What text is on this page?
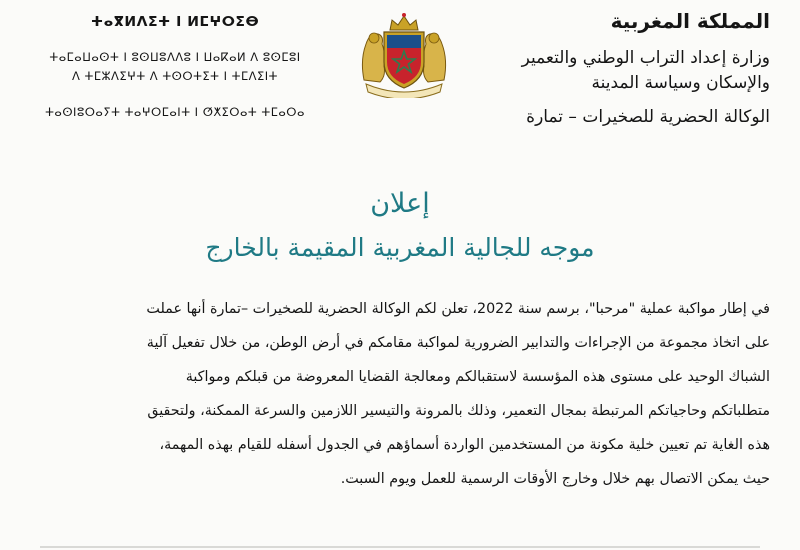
المملكة المغربية
وزارة إعداد التراب الوطني والتعمير
والإسكان وسياسة المدينة
الوكالة الحضرية للصخيرات – تمارة
ⵜⴰⴳⵍⴷⵉⵜ ⵏ ⵍⵎⵖⵔⵉⴱ
ⵜⴰⵎⴰⵡⴰⵙⵜ ⵏ ⵓⵙⵡⵓⴷⴷⵓ ⵏ ⵡⴰⴽⴰⵍ ⴷ ⵓⵙⵎⵓⵏ
ⴷ ⵜⵎⵣⴷⵉⵖⵜ ⴷ ⵜⵙⵔⵜⵉⵜ ⵏ ⵜⵎⴷⵉⵏⵜ
ⵜⴰⵙⵏⵓⵔⴰⵢⵜ ⵜⴰⵖⵔⵎⴰⵏⵜ ⵏ ⵚⵅⵉⵔⴰⵜ ⵜⵎⴰⵔⴰ
إعلان
موجه للجالية المغربية المقيمة بالخارج

في إطار مواكبة عملية "مرحبا"، برسم سنة 2022، تعلن لكم الوكالة الحضرية للصخيرات –تمارة أنها عملت

على اتخاذ مجموعة من الإجراءات والتدابير الضرورية لمواكبة مقامكم في أرض الوطن، من خلال تفعيل آلية

الشباك الوحيد على مستوى هذه المؤسسة لاستقبالكم ومعالجة القضايا المعروضة من قبلكم ومواكبة

متطلباتكم وحاجياتكم المرتبطة بمجال التعمير، وذلك بالمرونة والتيسير اللازمين والسرعة الممكنة، ولتحقيق

هذه الغاية تم تعيين خلية مكونة من المستخدمين الواردة أسماؤهم في الجدول أسفله للقيام بهذه المهمة،

حيث يمكن الاتصال بهم خلال وخارج الأوقات الرسمية للعمل ويوم السبت.
